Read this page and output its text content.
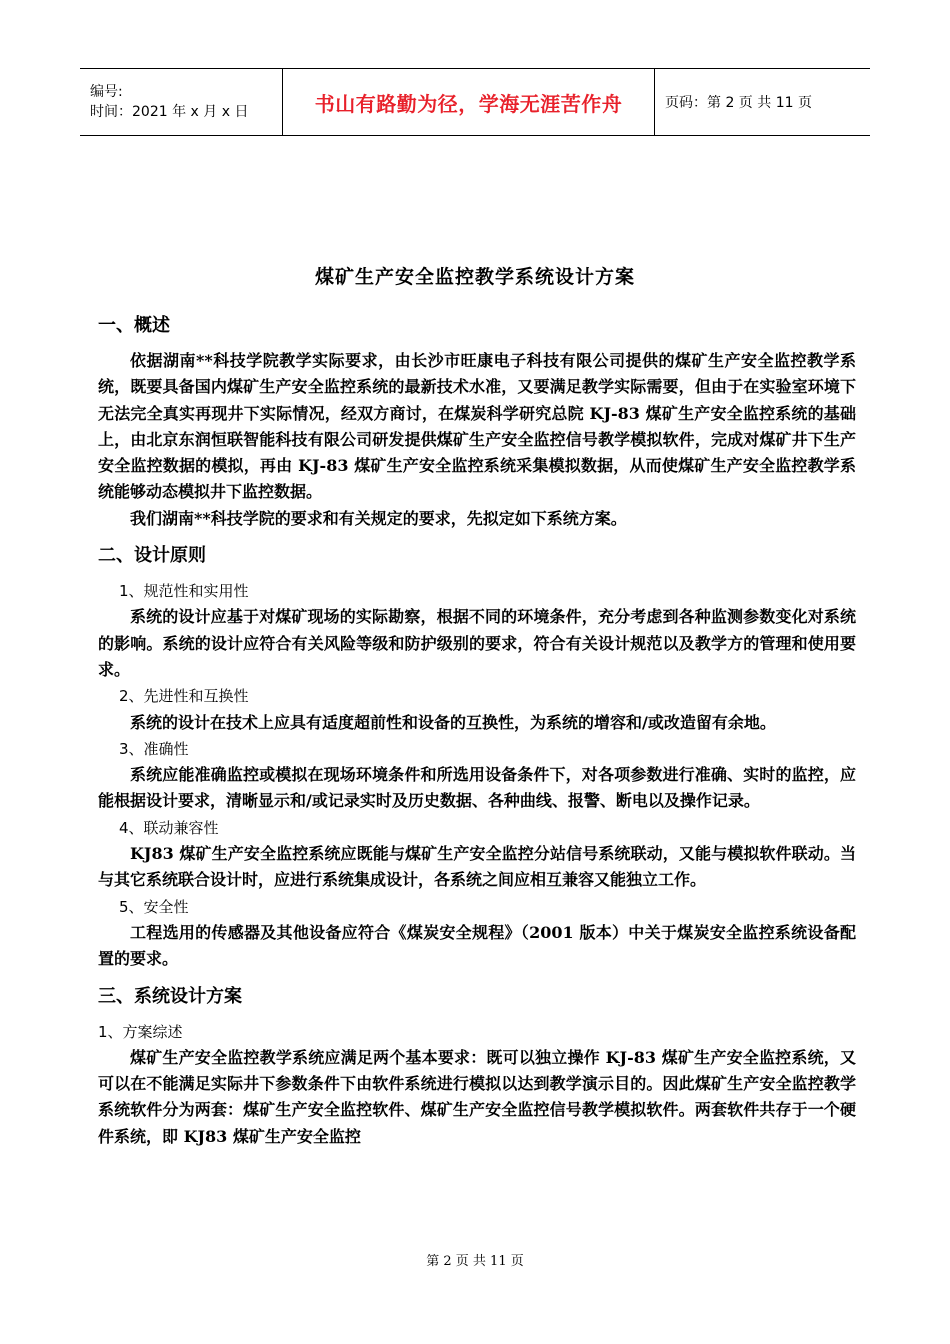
编号:
时间：2021 年 x 月 x 日	书山有路勤为径，学海无涯苦作舟	页码：第 2 页 共 11 页
煤矿生产安全监控教学系统设计方案
一、概述

依据湖南**科技学院教学实际要求，由长沙市旺康电子科技有限公司提供的煤矿生产安全监控教学系统，既要具备国内煤矿生产安全监控系统的最新技术水准，又要满足教学实际需要，但由于在实验室环境下无法完全真实再现井下实际情况，经双方商讨，在煤炭科学研究总院 KJ-83 煤矿生产安全监控系统的基础上，由北京东润恒联智能科技有限公司研发提供煤矿生产安全监控信号教学模拟软件，完成对煤矿井下生产安全监控数据的模拟，再由 KJ-83 煤矿生产安全监控系统采集模拟数据，从而使煤矿生产安全监控教学系统能够动态模拟井下监控数据。

我们湖南**科技学院的要求和有关规定的要求，先拟定如下系统方案。

二、设计原则

1、规范性和实用性

系统的设计应基于对煤矿现场的实际勘察，根据不同的环境条件，充分考虑到各种监测参数变化对系统的影响。系统的设计应符合有关风险等级和防护级别的要求，符合有关设计规范以及教学方的管理和使用要求。

2、先进性和互换性

系统的设计在技术上应具有适度超前性和设备的互换性，为系统的增容和/或改造留有余地。

3、准确性

系统应能准确监控或模拟在现场环境条件和所选用设备条件下，对各项参数进行准确、实时的监控，应能根据设计要求，清晰显示和/或记录实时及历史数据、各种曲线、报警、断电以及操作记录。

4、联动兼容性

KJ83 煤矿生产安全监控系统应既能与煤矿生产安全监控分站信号系统联动，又能与模拟软件联动。当与其它系统联合设计时，应进行系统集成设计，各系统之间应相互兼容又能独立工作。

5、安全性

工程选用的传感器及其他设备应符合《煤炭安全规程》（2001 版本）中关于煤炭安全监控系统设备配置的要求。

三、系统设计方案

1、方案综述

煤矿生产安全监控教学系统应满足两个基本要求：既可以独立操作 KJ-83 煤矿生产安全监控系统，又可以在不能满足实际井下参数条件下由软件系统进行模拟以达到教学演示目的。因此煤矿生产安全监控教学系统软件分为两套：煤矿生产安全监控软件、煤矿生产安全监控信号教学模拟软件。两套软件共存于一个硬件系统，即 KJ83 煤矿生产安全监控

第 2 页 共 11 页
